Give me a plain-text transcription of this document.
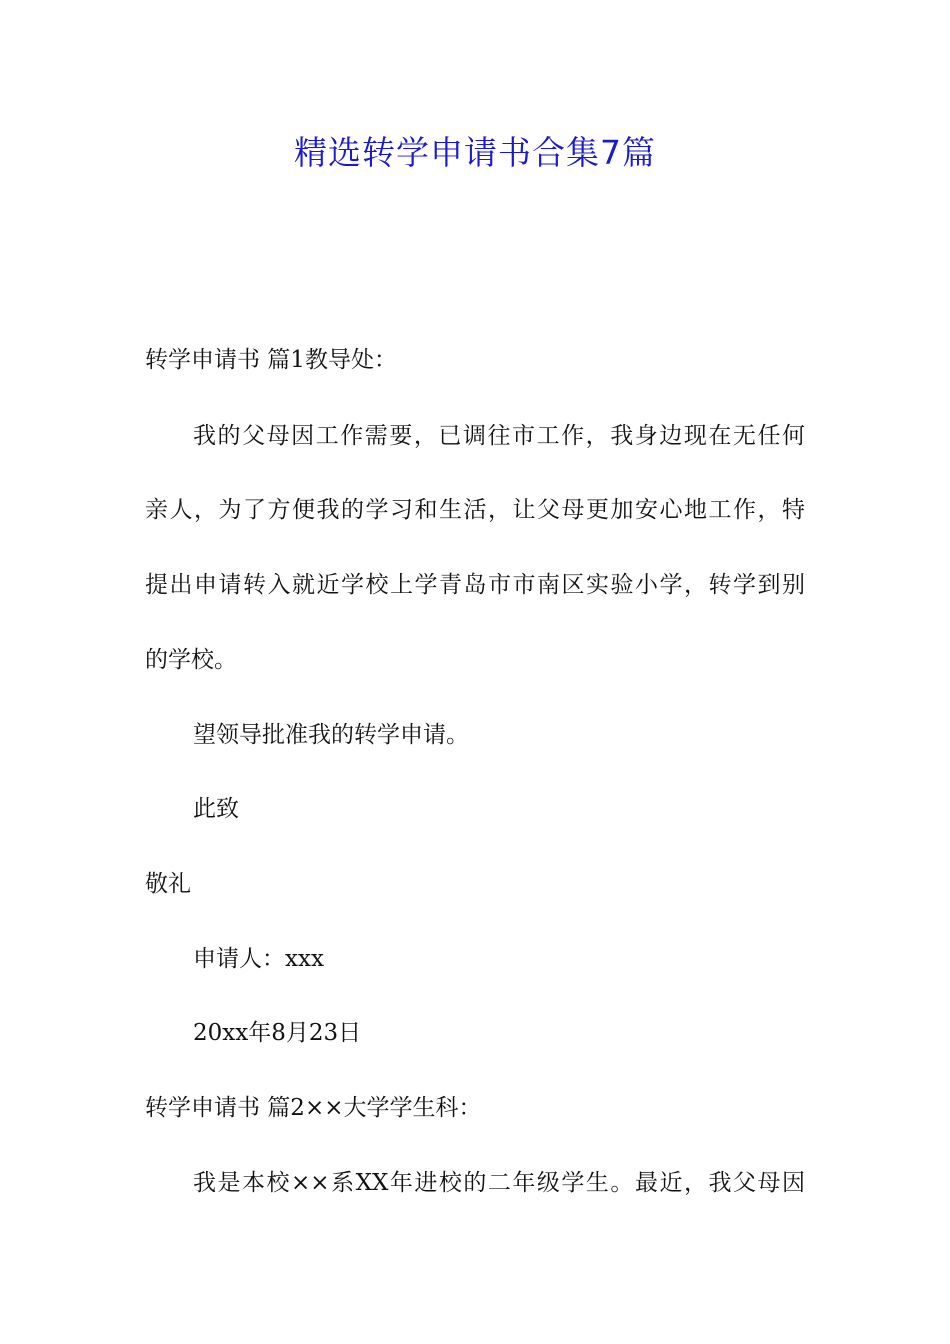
精选转学申请书合集7篇
转学申请书 篇1教导处：
我的父母因工作需要，已调往市工作，我身边现在无任何
亲人，为了方便我的学习和生活，让父母更加安心地工作，特
提出申请转入就近学校上学青岛市市南区实验小学，转学到别
的学校。
望领导批准我的转学申请。
此致
敬礼
申请人：xxx
20xx年8月23日
转学申请书 篇2××大学学生科：
我是本校××系XX年进校的二年级学生。最近，我父母因
